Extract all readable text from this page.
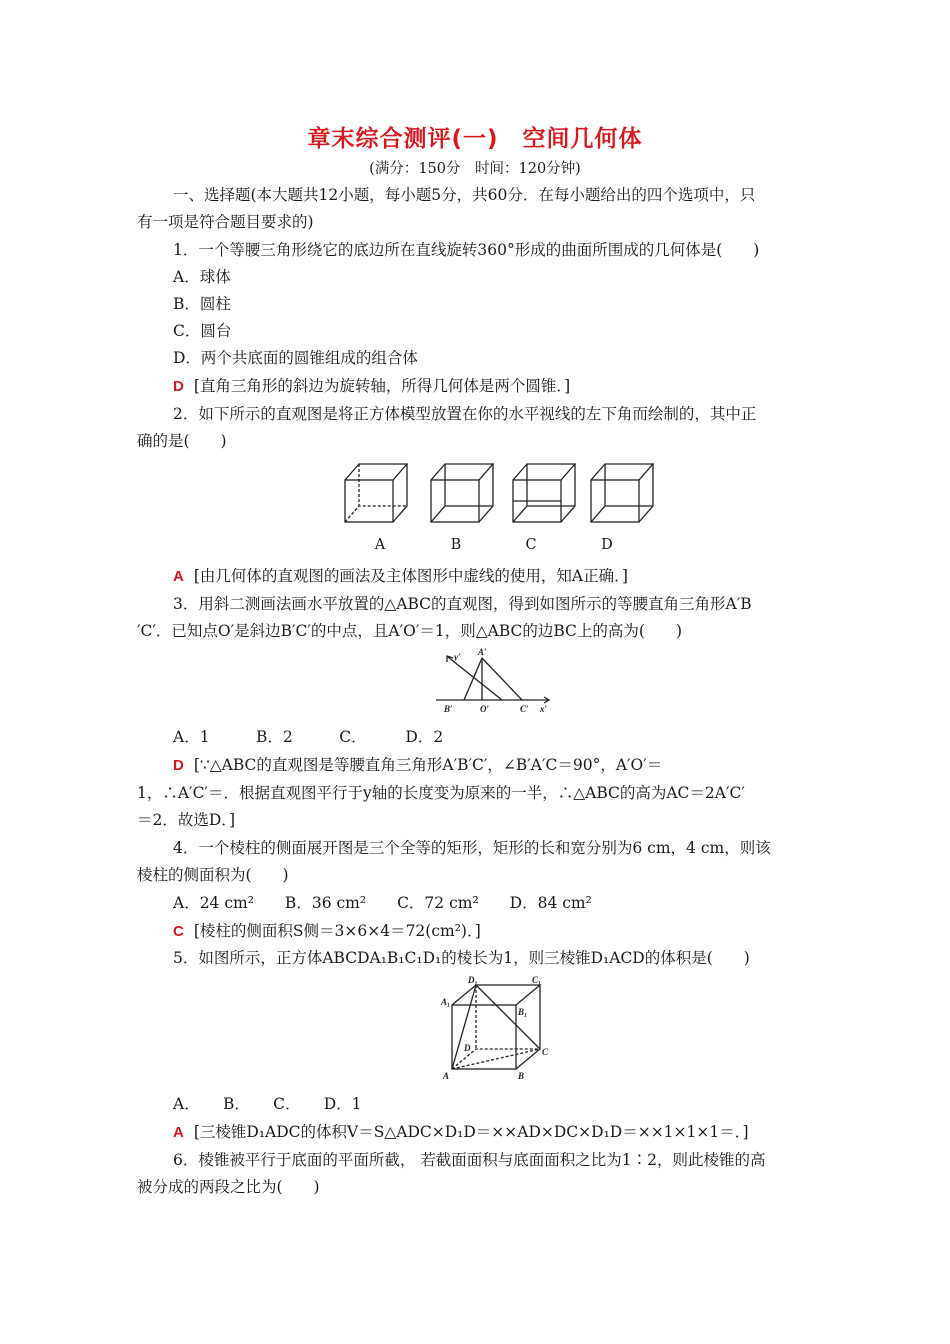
章末综合测评(一)　空间几何体
(满分：150分　时间：120分钟)
一、选择题(本大题共12小题，每小题5分，共60分．在每小题给出的四个选项中，只
有一项是符合题目要求的)
1．一个等腰三角形绕它的底边所在直线旋转360°形成的曲面所围成的几何体是(　　)
A．球体
B．圆柱
C．圆台
D．两个共底面的圆锥组成的组合体
D [直角三角形的斜边为旋转轴，所得几何体是两个圆锥．]
2．如下所示的直观图是将正方体模型放置在你的水平视线的左下角而绘制的，其中正
确的是(　　)
A	B	C	D
A [由几何体的直观图的画法及主体图形中虚线的使用，知A正确．]
3．用斜二测画法画水平放置的△ABC的直观图，得到如图所示的等腰直角三角形A′B
′C′．已知点O′是斜边B′C′的中点，且A′O′＝1，则△ABC的边BC上的高为(　　)
y′ A′
B′	O′	C′ x′
A．1　　　B．2　　　C．　　　D．2
D [∵△ABC的直观图是等腰直角三角形A′B′C′，∠B′A′C＝90°，A′O′＝
1，∴A′C′＝．根据直观图平行于y轴的长度变为原来的一半，∴△ABC的高为AC＝2A′C′
＝2．故选D．]
4．一个棱柱的侧面展开图是三个全等的矩形，矩形的长和宽分别为6 cm，4 cm，则该
棱柱的侧面积为(　　)
A．24 cm²　　B．36 cm²　　C．72 cm²　　D．84 cm²
C [棱柱的侧面积S侧＝3×6×4＝72(cm²)．]
5．如图所示，正方体ABCDA₁B₁C₁D₁的棱长为1，则三棱锥D₁ACD的体积是(　　)
D₁	C₁
A₁
B₁
D	C
A	B
A．　　B．　　C．　　D．1
A [三棱锥D₁ADC的体积V＝S△ADC×D₁D＝××AD×DC×D₁D＝××1×1×1＝．]
6．棱锥被平行于底面的平面所截， 若截面面积与底面面积之比为1∶2，则此棱锥的高
被分成的两段之比为(　　)
